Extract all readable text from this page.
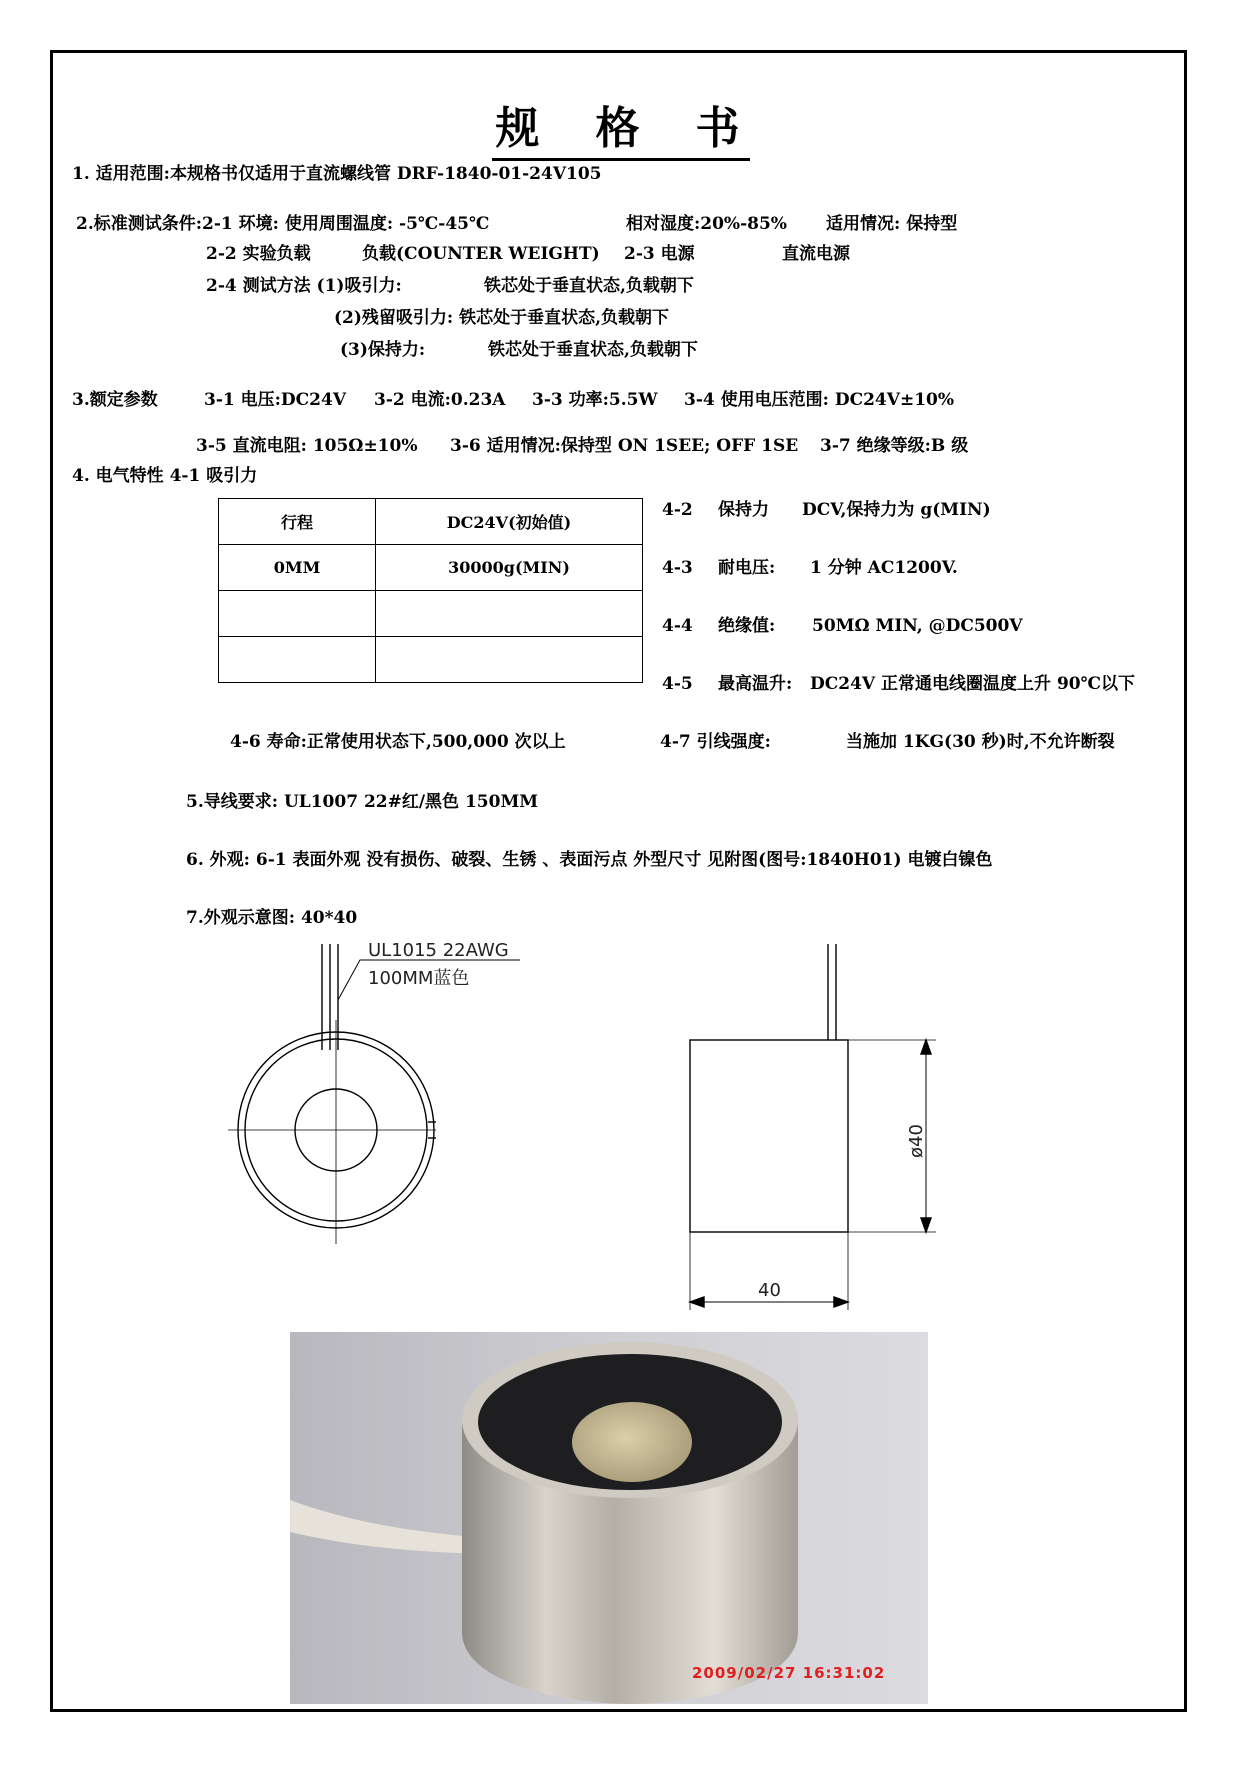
规 格 书
1. 适用范围:本规格书仅适用于直流螺线管 DRF-1840-01-24V105
2.标准测试条件:2-1 环境: 使用周围温度: -5℃-45℃	相对湿度:20%-85% 适用情况: 保持型
2-2 实验负载	负载(COUNTER WEIGHT) 2-3 电源	直流电源
2-4 测试方法 (1)吸引力:	铁芯处于垂直状态,负载朝下
(2)残留吸引力: 铁芯处于垂直状态,负载朝下
(3)保持力:	铁芯处于垂直状态,负载朝下
3.额定参数	3-1 电压:DC24V 3-2 电流:0.23A 3-3 功率:5.5W 3-4 使用电压范围: DC24V±10%
3-5 直流电阻: 105Ω±10% 3-6 适用情况:保持型 ON 1SEE; OFF 1SE 3-7 绝缘等级:B 级
4. 电气特性 4-1 吸引力
行程	DC24V(初始值)
0MM	30000g(MIN)

4-2 保持力 DCV,保持力为 g(MIN)
4-3 耐电压: 1 分钟 AC1200V.
4-4 绝缘值: 50MΩ MIN, @DC500V
4-5 最高温升: DC24V 正常通电线圈温度上升 90℃以下
4-6 寿命:正常使用状态下,500,000 次以上	4-7 引线强度:	当施加 1KG(30 秒)时,不允许断裂
5.导线要求: UL1007 22#红/黑色 150MM
6. 外观: 6-1 表面外观 没有损伤、破裂、生锈 、表面污点 外型尺寸 见附图(图号:1840H01) 电镀白镍色
7.外观示意图: 40*40
UL1015 22AWG
100MM蓝色
ø40
40
2009/02/27 16:31:02
